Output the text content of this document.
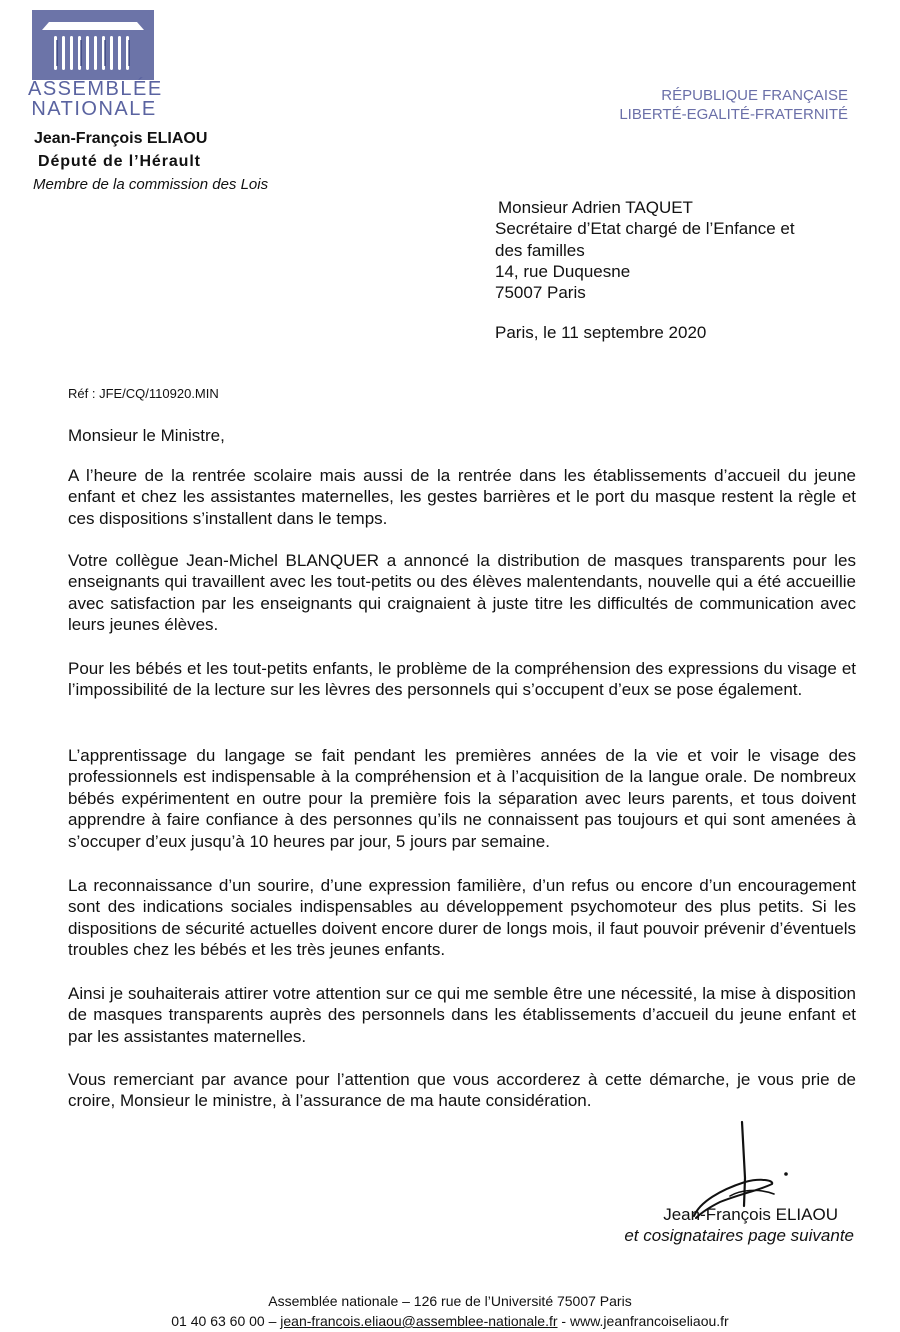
ASSEMBLÉE
NATIONALE
RÉPUBLIQUE FRANÇAISE
LIBERTÉ-EGALITÉ-FRATERNITÉ
Jean-François ELIAOU
Député de l’Hérault
Membre de la commission des Lois
Monsieur Adrien TAQUET
Secrétaire d’Etat chargé de l’Enfance et
des familles
14, rue Duquesne
75007 Paris
Paris, le 11 septembre 2020
Réf : JFE/CQ/110920.MIN
Monsieur le Ministre,

A l’heure de la rentrée scolaire mais aussi de la rentrée dans les établissements d’accueil du jeune enfant et chez les assistantes maternelles, les gestes barrières et le port du masque restent la règle et ces dispositions s’installent dans le temps.

Votre collègue Jean-Michel BLANQUER a annoncé la distribution de masques transparents pour les enseignants qui travaillent avec les tout-petits ou des élèves malentendants, nouvelle qui a été accueillie avec satisfaction par les enseignants qui craignaient à juste titre les difficultés de communication avec leurs jeunes élèves.

Pour les bébés et les tout-petits enfants, le problème de la compréhension des expressions du visage et l’impossibilité de la lecture sur les lèvres des personnels qui s’occupent d’eux se pose également.

L’apprentissage du langage se fait pendant les premières années de la vie et voir le visage des professionnels est indispensable à la compréhension et à l’acquisition de la langue orale. De nombreux bébés expérimentent en outre pour la première fois la séparation avec leurs parents, et tous doivent apprendre à faire confiance à des personnes qu’ils ne connaissent pas toujours et qui sont amenées à s’occuper d’eux jusqu’à 10 heures par jour, 5 jours par semaine.

La reconnaissance d’un sourire, d’une expression familière, d’un refus ou encore d’un encouragement sont des indications sociales indispensables au développement psychomoteur des plus petits. Si les dispositions de sécurité actuelles doivent encore durer de longs mois, il faut pouvoir prévenir d’éventuels troubles chez les bébés et les très jeunes enfants.

Ainsi je souhaiterais attirer votre attention sur ce qui me semble être une nécessité, la mise à disposition de masques transparents auprès des personnels dans les établissements d’accueil du jeune enfant et par les assistantes maternelles.

Vous remerciant par avance pour l’attention que vous accorderez à cette démarche, je vous prie de croire, Monsieur le ministre, à l’assurance de ma haute considération.

Jean-François ELIAOU
et cosignataires page suivante
Assemblée nationale – 126 rue de l’Université 75007 Paris
01 40 63 60 00 – jean-francois.eliaou@assemblee-nationale.fr - www.jeanfrancoiseliaou.fr
